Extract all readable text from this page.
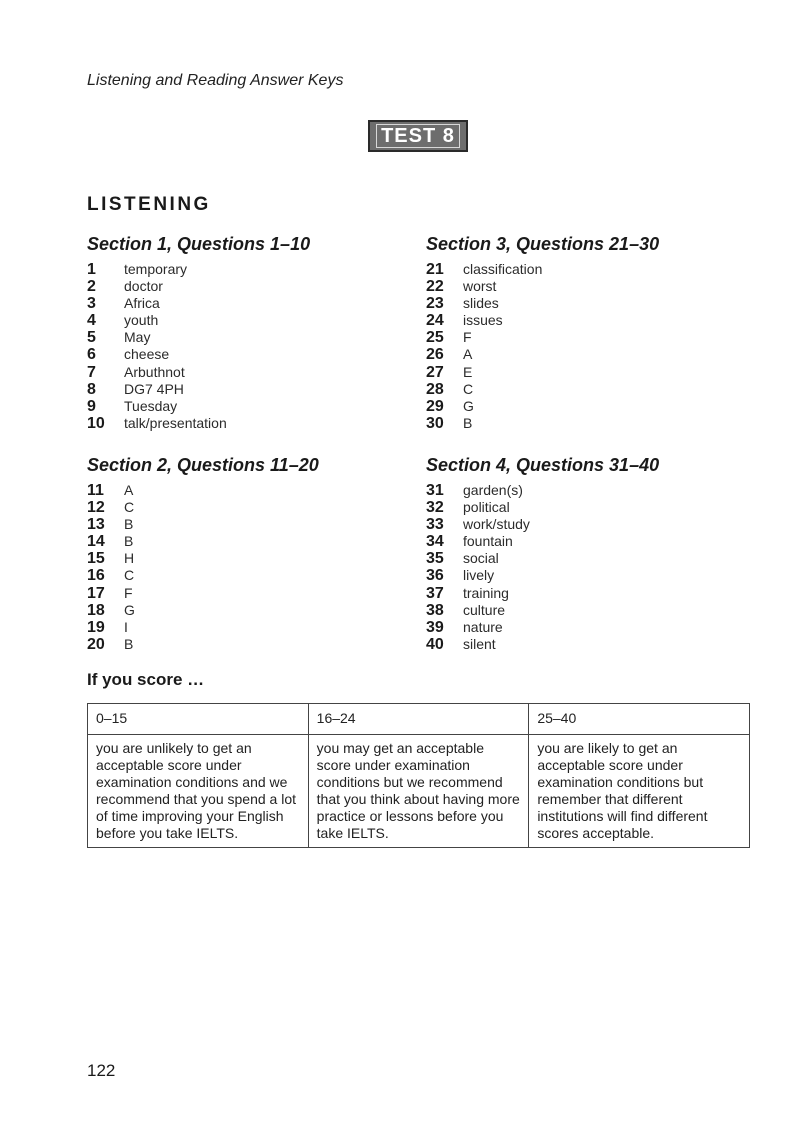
Listening and Reading Answer Keys
TEST 8
LISTENING
Section 1, Questions 1–10
1	temporary
2	doctor
3	Africa
4	youth
5	May
6	cheese
7	Arbuthnot
8	DG7 4PH
9	Tuesday
10	talk/presentation
Section 2, Questions 11–20
11	A
12	C
13	B
14	B
15	H
16	C
17	F
18	G
19	I
20	B
Section 3, Questions 21–30
21	classification
22	worst
23	slides
24	issues
25	F
26	A
27	E
28	C
29	G
30	B
Section 4, Questions 31–40
31	garden(s)
32	political
33	work/study
34	fountain
35	social
36	lively
37	training
38	culture
39	nature
40	silent
If you score …
0–15	16–24	25–40
you are unlikely to get an acceptable score under examination conditions and we recommend that you spend a lot of time improving your English before you take IELTS.	you may get an acceptable score under examination conditions but we recommend that you think about having more practice or lessons before you take IELTS.	you are likely to get an acceptable score under examination conditions but remember that different institutions will find different scores acceptable.
122
